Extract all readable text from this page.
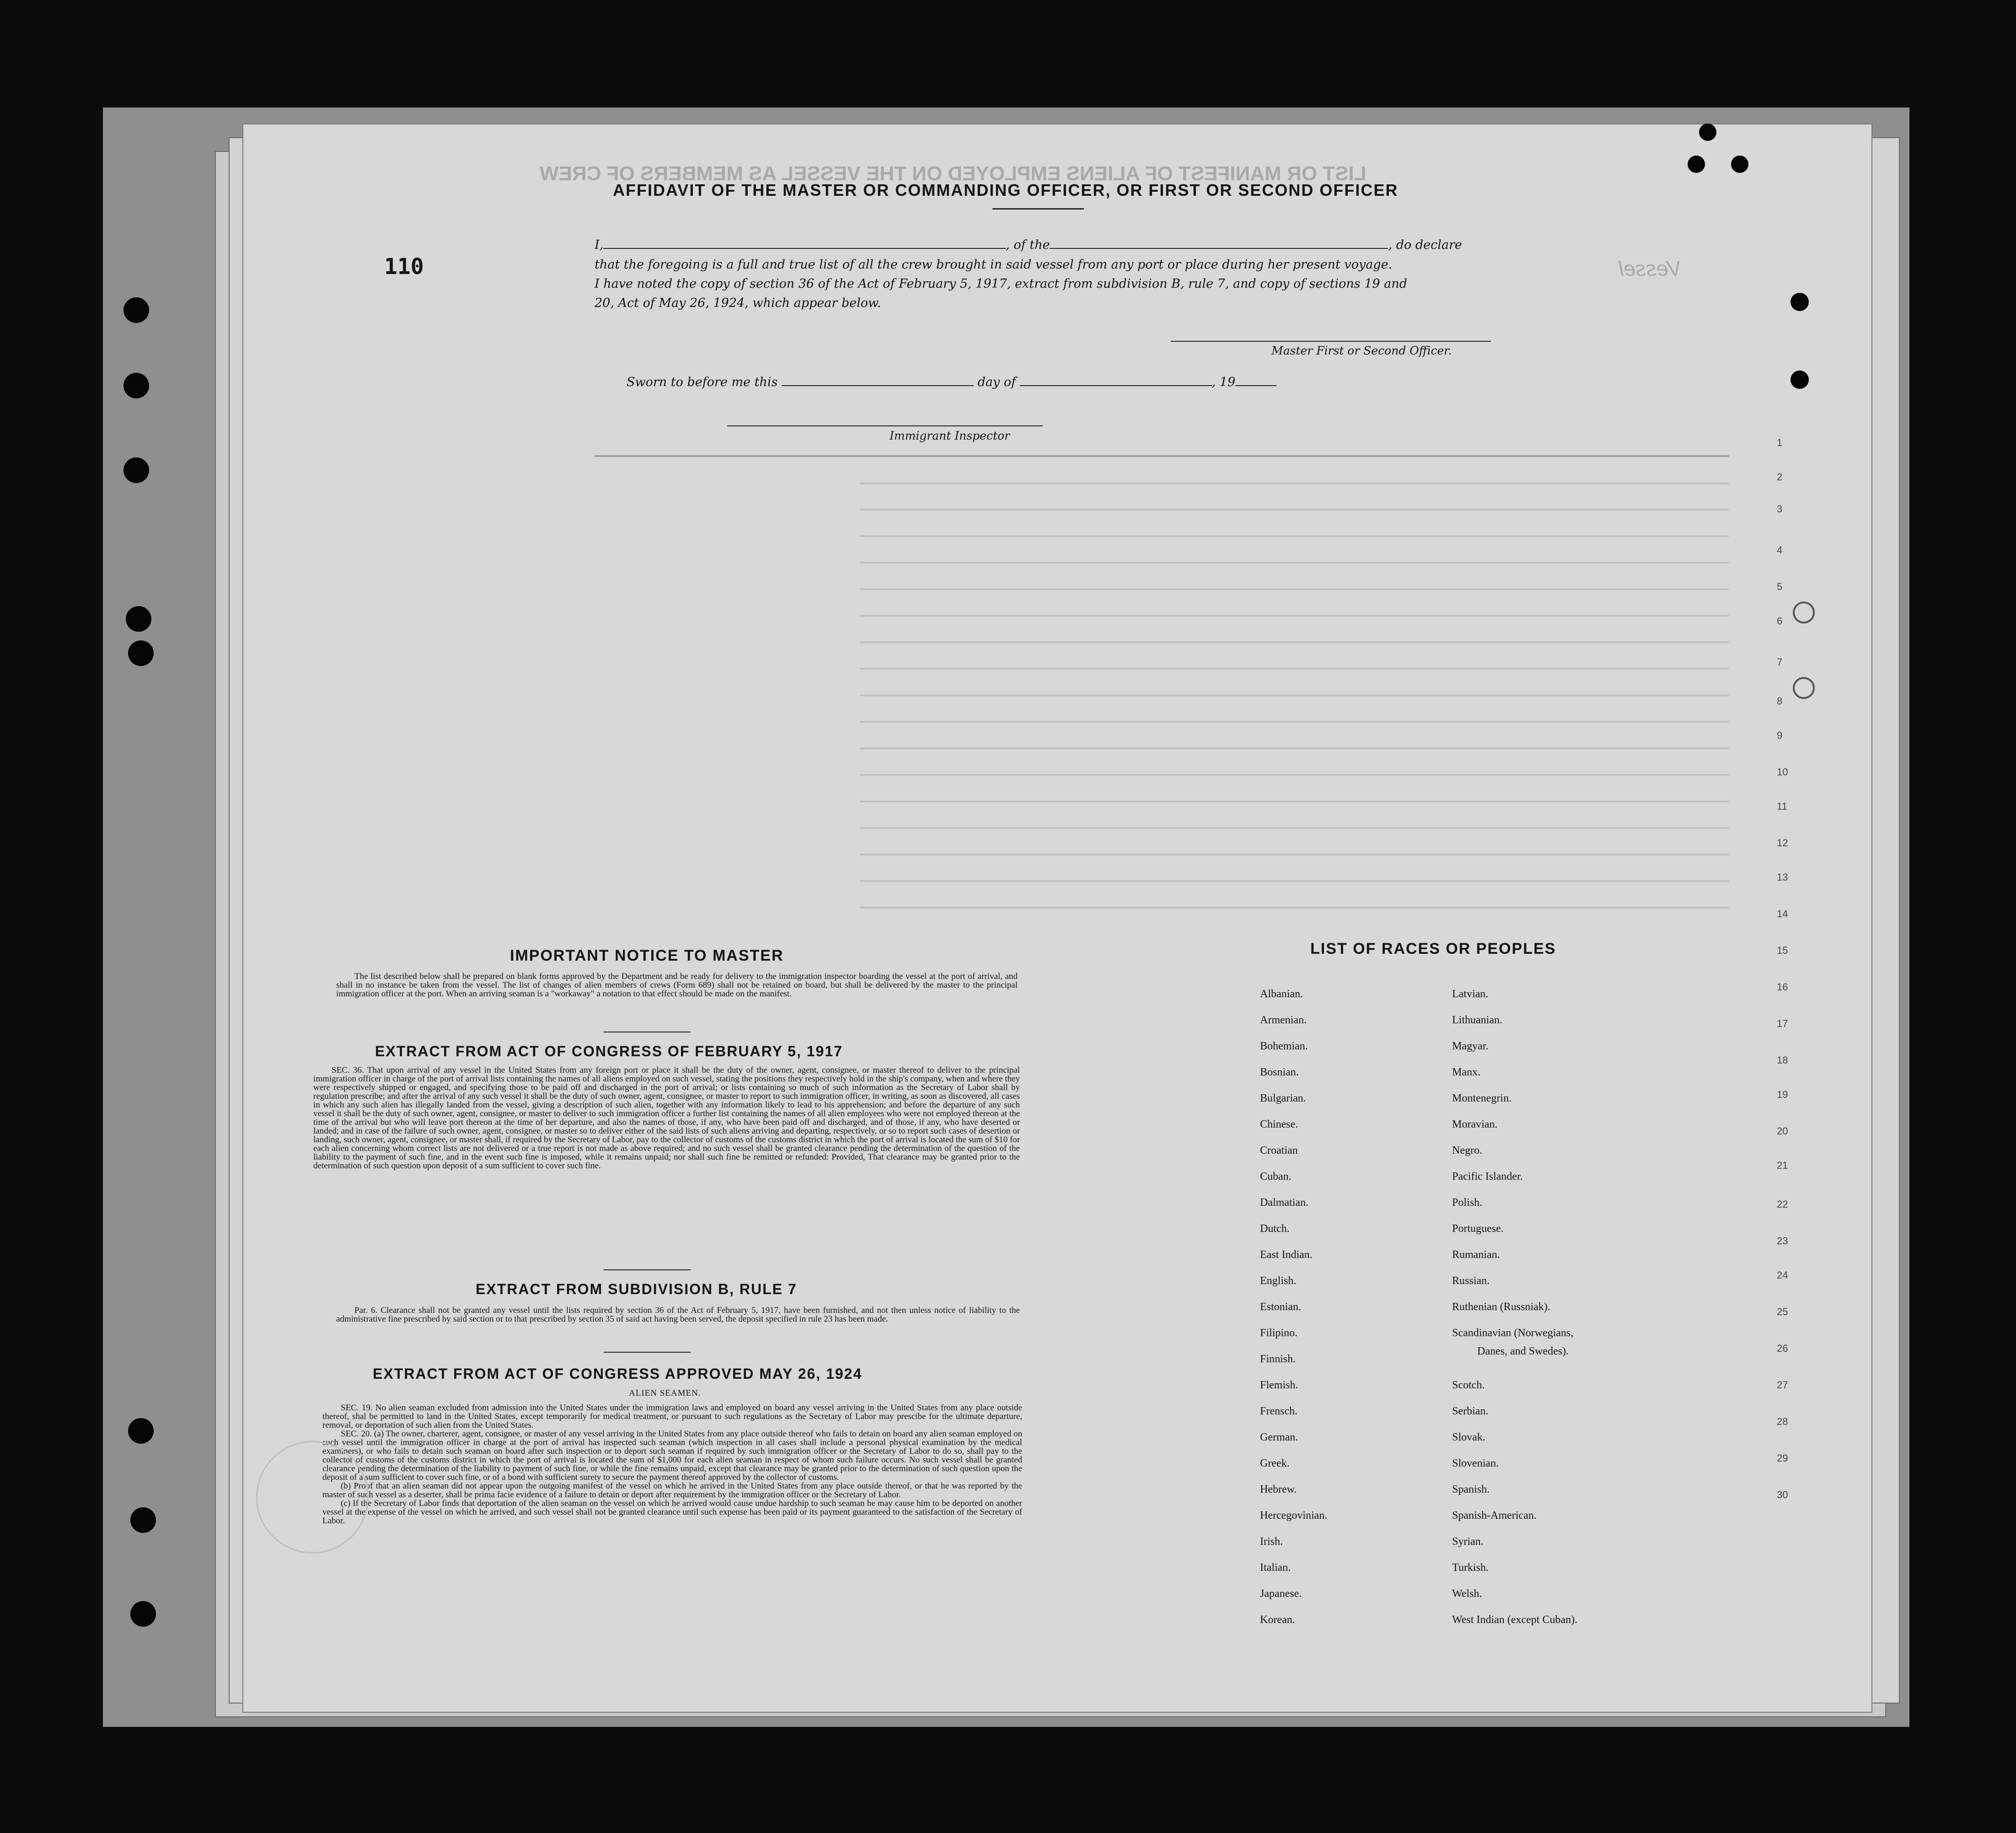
LIST OR MANIFEST OF ALIENS EMPLOYED ON THE VESSEL AS MEMBERS OF CREW
Vessel
1
2
3
4
5
6
7
8
9
10
11
12
13
14
15
16
17
18
19
20
21
22
23
24
25
26
27
28
29
30
110
AFFIDAVIT OF THE MASTER OR COMMANDING OFFICER, OR FIRST OR SECOND OFFICER
I,	, of the	, do declare
that the foregoing is a full and true list of all the crew brought in said vessel from any port or place during her present voyage.
I have noted the copy of section 36 of the Act of February 5, 1917, extract from subdivision B, rule 7, and copy of sections 19 and
20, Act of May 26, 1924, which appear below.
Master First or Second Officer.
Sworn to before me this	day of	, 19
Immigrant Inspector
IMPORTANT NOTICE TO MASTER

The list described below shall be prepared on blank forms approved by the Department and be ready for delivery to the immigration inspector boarding the vessel at the port of arrival, and shall in no instance be taken from the vessel. The list of changes of alien members of crews (Form 689) shall not be retained on board, but shall be delivered by the master to the principal immigration officer at the port. When an arriving seaman is a "workaway" a notation to that effect should be made on the manifest.

EXTRACT FROM ACT OF CONGRESS OF FEBRUARY 5, 1917

SEC. 36. That upon arrival of any vessel in the United States from any foreign port or place it shall be the duty of the owner, agent, consignee, or master thereof to deliver to the principal immigration officer in charge of the port of arrival lists containing the names of all aliens employed on such vessel, stating the positions they respectively hold in the ship's company, when and where they were respectively shipped or engaged, and specifying those to be paid off and discharged in the port of arrival; or lists containing so much of such information as the Secretary of Labor shall by regulation prescribe; and after the arrival of any such vessel it shall be the duty of such owner, agent, consignee, or master to report to such immigration officer, in writing, as soon as discovered, all cases in which any such alien has illegally landed from the vessel, giving a description of such alien, together with any information likely to lead to his apprehension; and before the departure of any such vessel it shall be the duty of such owner, agent, consignee, or master to deliver to such immigration officer a further list containing the names of all alien employees who were not employed thereon at the time of the arrival but who will leave port thereon at the time of her departure, and also the names of those, if any, who have been paid off and discharged, and of those, if any, who have deserted or landed; and in case of the failure of such owner, agent, consignee, or master so to deliver either of the said lists of such aliens arriving and departing, respectively, or so to report such cases of desertion or landing, such owner, agent, consignee, or master shall, if required by the Secretary of Labor, pay to the collector of customs of the customs district in which the port of arrival is located the sum of $10 for each alien concerning whom correct lists are not delivered or a true report is not made as above required; and no such vessel shall be granted clearance pending the determination of the question of the liability to the payment of such fine, and in the event such fine is imposed, while it remains unpaid; nor shall such fine be remitted or refunded: Provided, That clearance may be granted prior to the determination of such question upon deposit of a sum sufficient to cover such fine.

EXTRACT FROM SUBDIVISION B, RULE 7

Par. 6. Clearance shall not be granted any vessel until the lists required by section 36 of the Act of February 5, 1917, have been furnished, and not then unless notice of liability to the administrative fine prescribed by said section or to that prescribed by section 35 of said act having been served, the deposit specified in rule 23 has been made.

EXTRACT FROM ACT OF CONGRESS APPROVED MAY 26, 1924
ALIEN SEAMEN.

SEC. 19. No alien seaman excluded from admission into the United States under the immigration laws and employed on board any vessel arriving in the United States from any place outside thereof, shal be permitted to land in the United States, except temporarily for medical treatment, or pursuant to such regulations as the Secretary of Labor may prescibe for the ultimate departure, removal, or deportation of such alien from the United States.

SEC. 20. (a) The owner, charterer, agent, consignee, or master of any vessel arriving in the United States from any place outside thereof who fails to detain on board any alien seaman employed on such vessel until the immigration officer in charge at the port of arrival has inspected such seaman (which inspection in all cases shall include a personal physical examination by the medical examiners), or who fails to detain such seaman on board after such inspection or to deport such seaman if required by such immigration officer or the Secretary of Labor to do so, shall pay to the collector of customs of the customs district in which the port of arrival is located the sum of $1,000 for each alien seaman in respect of whom such failure occurs. No such vessel shall be granted clearance pending the determination of the liability to payment of such fine, or while the fine remains unpaid, except that clearance may be granted prior to the determination of such question upon the deposit of a sum sufficient to cover such fine, or of a bond with sufficient surety to secure the payment thereof approved by the collector of customs.

(b) Proof that an alien seaman did not appear upon the outgoing manifest of the vessel on which he arrived in the United States from any place outside thereof, or that he was reported by the master of such vessel as a deserter, shall be prima facie evidence of a failure to detain or deport after requirement by the immigration officer or the Secretary of Labor.

(c) If the Secretary of Labor finds that deportation of the alien seaman on the vessel on which he arrived would cause undue hardship to such seaman he may cause him to be deported on another vessel at the expense of the vessel on which he arrived, and such vessel shall not be granted clearance until such expense has been paid or its payment guaranteed to the satisfaction of the Secretary of Labor.

LIST OF RACES OR PEOPLES
Albanian.
Armenian.
Bohemian.
Bosnian.
Bulgarian.
Chinese.
Croatian
Cuban.
Dalmatian.
Dutch.
East Indian.
English.
Estonian.
Filipino.
Finnish.
Flemish.
Frensch.
German.
Greek.
Hebrew.
Hercegovinian.
Irish.
Italian.
Japanese.
Korean.
Latvian.
Lithuanian.
Magyar.
Manx.
Montenegrin.
Moravian.
Negro.
Pacific Islander.
Polish.
Portuguese.
Rumanian.
Russian.
Ruthenian (Russniak).
Scandinavian (Norwegians,
Danes, and Swedes).
Scotch.
Serbian.
Slovak.
Slovenian.
Spanish.
Spanish-American.
Syrian.
Turkish.
Welsh.
West Indian (except Cuban).
